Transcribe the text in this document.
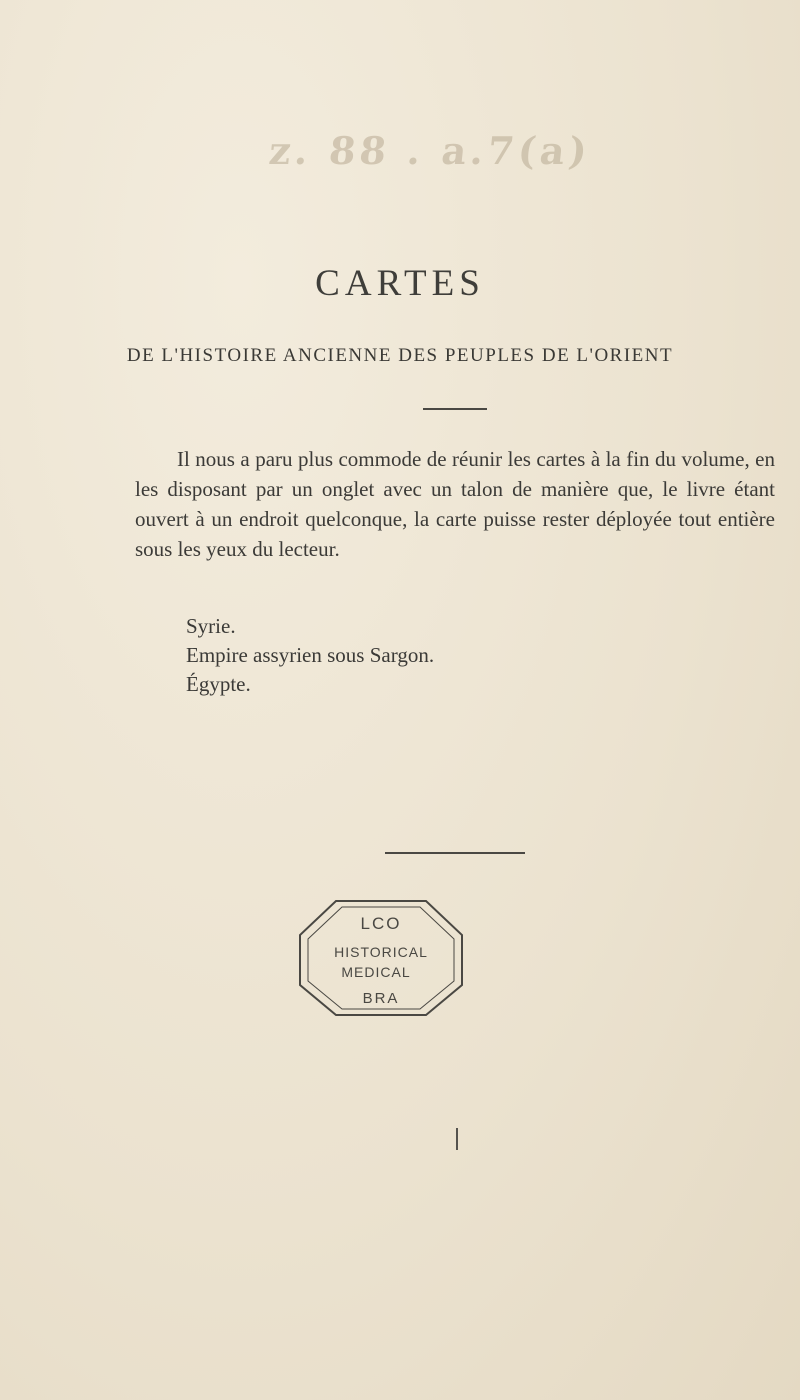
z. 88 . a.7(a)
CARTES
DE L'HISTOIRE ANCIENNE DES PEUPLES DE L'ORIENT

Il nous a paru plus commode de réunir les cartes à la fin du volume, en les disposant par un onglet avec un talon de manière que, le livre étant ouvert à un endroit quelconque, la carte puisse rester déployée tout entière sous les yeux du lecteur.

Syrie.
Empire assyrien sous Sargon.
Égypte.
LCO
HISTORICAL
MEDICAL
BRA
